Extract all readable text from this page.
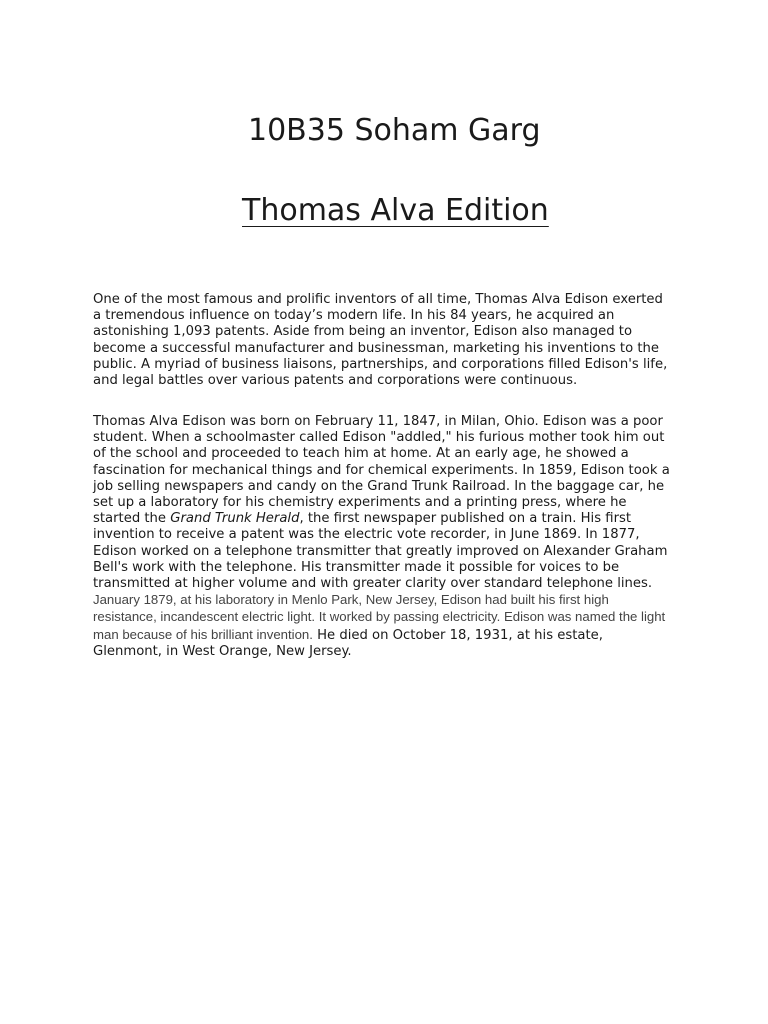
10B35 Soham Garg
Thomas Alva Edition

One of the most famous and prolific inventors of all time, Thomas Alva Edison exerted a tremendous influence on today’s modern life. In his 84 years, he acquired an astonishing 1,093 patents. Aside from being an inventor, Edison also managed to become a successful manufacturer and businessman, marketing his inventions to the public. A myriad of business liaisons, partnerships, and corporations filled Edison's life, and legal battles over various patents and corporations were continuous.

Thomas Alva Edison was born on February 11, 1847, in Milan, Ohio. Edison was a poor student. When a schoolmaster called Edison "addled," his furious mother took him out of the school and proceeded to teach him at home. At an early age, he showed a fascination for mechanical things and for chemical experiments. In 1859, Edison took a job selling newspapers and candy on the Grand Trunk Railroad. In the baggage car, he set up a laboratory for his chemistry experiments and a printing press, where he started the Grand Trunk Herald, the first newspaper published on a train. His first invention to receive a patent was the electric vote recorder, in June 1869. In 1877, Edison worked on a telephone transmitter that greatly improved on Alexander Graham Bell's work with the telephone. His transmitter made it possible for voices to be transmitted at higher volume and with greater clarity over standard telephone lines. January 1879, at his laboratory in Menlo Park, New Jersey, Edison had built his first high resistance, incandescent electric light. It worked by passing electricity. Edison was named the light man because of his brilliant invention. He died on October 18, 1931, at his estate, Glenmont, in West Orange, New Jersey.
